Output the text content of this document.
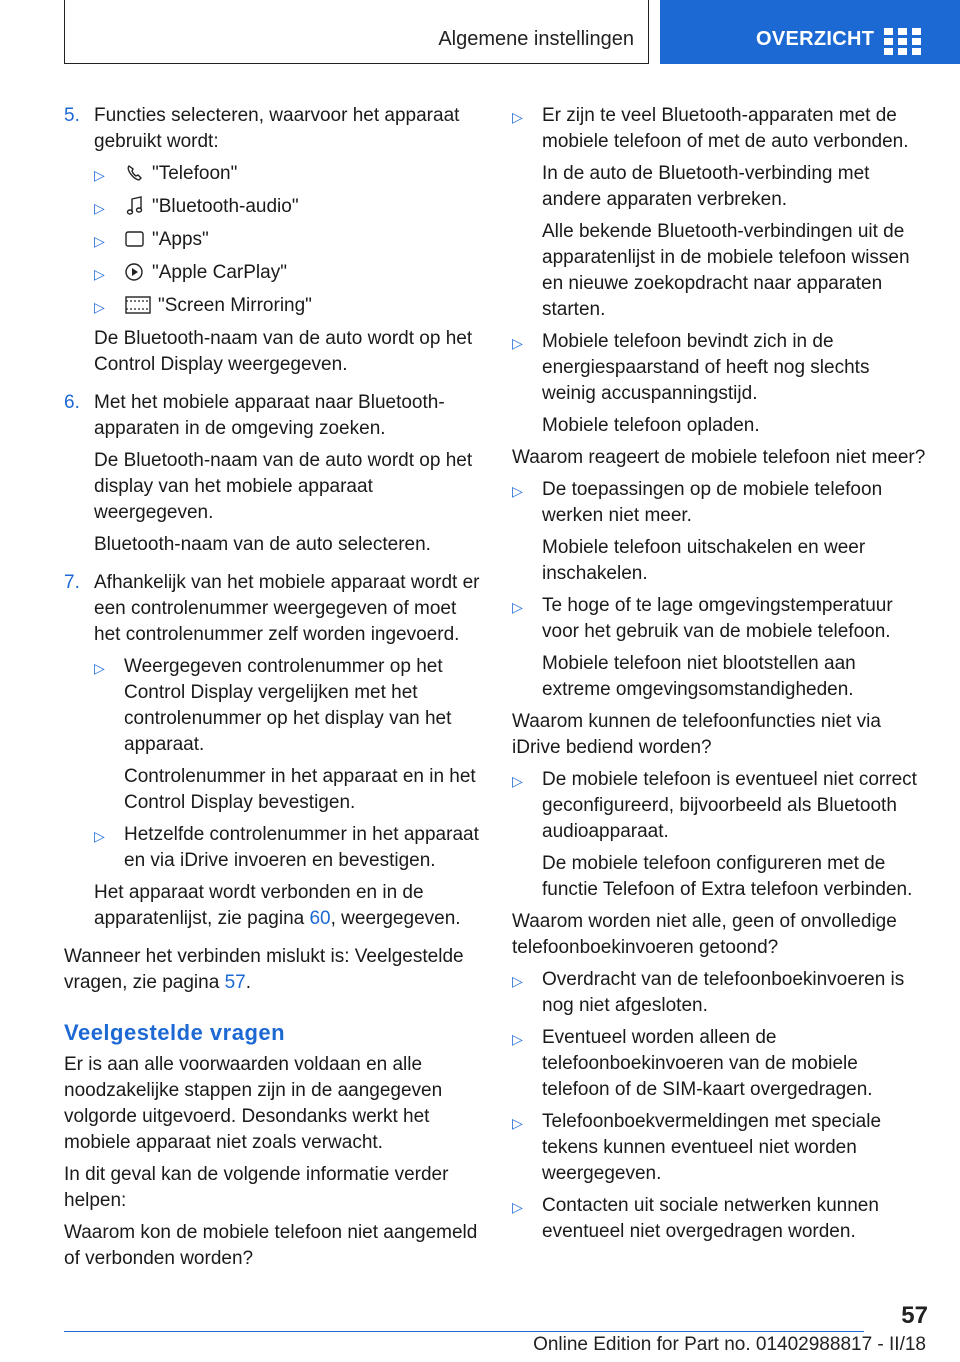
Algemene instellingen	OVERZICHT
5. Functies selecteren, waarvoor het apparaat gebruikt wordt:
▷	"Telefoon"
▷	"Bluetooth-audio"
▷	"Apps"
▷	"Apple CarPlay"
▷	"Screen Mirroring"
De Bluetooth-naam van de auto wordt op het Control Display weergegeven.
6. Met het mobiele apparaat naar Bluetooth-apparaten in de omgeving zoeken.
De Bluetooth-naam van de auto wordt op het display van het mobiele apparaat weergegeven.
Bluetooth-naam van de auto selecteren.
7. Afhankelijk van het mobiele apparaat wordt er een controlenummer weergegeven of moet het controlenummer zelf worden ingevoerd.
▷	Weergegeven controlenummer op het Control Display vergelijken met het controlenummer op het display van het apparaat.
Controlenummer in het apparaat en in het Control Display bevestigen.
▷	Hetzelfde controlenummer in het apparaat en via iDrive invoeren en bevestigen.
Het apparaat wordt verbonden en in de apparatenlijst, zie pagina 60, weergegeven.
Wanneer het verbinden mislukt is: Veelgestelde vragen, zie pagina 57.
Veelgestelde vragen
Er is aan alle voorwaarden voldaan en alle noodzakelijke stappen zijn in de aangegeven volgorde uitgevoerd. Desondanks werkt het mobiele apparaat niet zoals verwacht.
In dit geval kan de volgende informatie verder helpen:
Waarom kon de mobiele telefoon niet aangemeld of verbonden worden?
▷	Er zijn te veel Bluetooth-apparaten met de mobiele telefoon of met de auto verbonden.
In de auto de Bluetooth-verbinding met andere apparaten verbreken.
Alle bekende Bluetooth-verbindingen uit de apparatenlijst in de mobiele telefoon wissen en nieuwe zoekopdracht naar apparaten starten.
▷	Mobiele telefoon bevindt zich in de energiespaarstand of heeft nog slechts weinig accuspanningstijd.
Mobiele telefoon opladen.
Waarom reageert de mobiele telefoon niet meer?
▷	De toepassingen op de mobiele telefoon werken niet meer.
Mobiele telefoon uitschakelen en weer inschakelen.
▷	Te hoge of te lage omgevingstemperatuur voor het gebruik van de mobiele telefoon.
Mobiele telefoon niet blootstellen aan extreme omgevingsomstandigheden.
Waarom kunnen de telefoonfuncties niet via iDrive bediend worden?
▷	De mobiele telefoon is eventueel niet correct geconfigureerd, bijvoorbeeld als Bluetooth audioapparaat.
De mobiele telefoon configureren met de functie Telefoon of Extra telefoon verbinden.
Waarom worden niet alle, geen of onvolledige telefoonboekinvoeren getoond?
▷	Overdracht van de telefoonboekinvoeren is nog niet afgesloten.
▷	Eventueel worden alleen de telefoonboekinvoeren van de mobiele telefoon of de SIM-kaart overgedragen.
▷	Telefoonboekvermeldingen met speciale tekens kunnen eventueel niet worden weergegeven.
▷	Contacten uit sociale netwerken kunnen eventueel niet overgedragen worden.
57
Online Edition for Part no. 01402988817 - II/18
